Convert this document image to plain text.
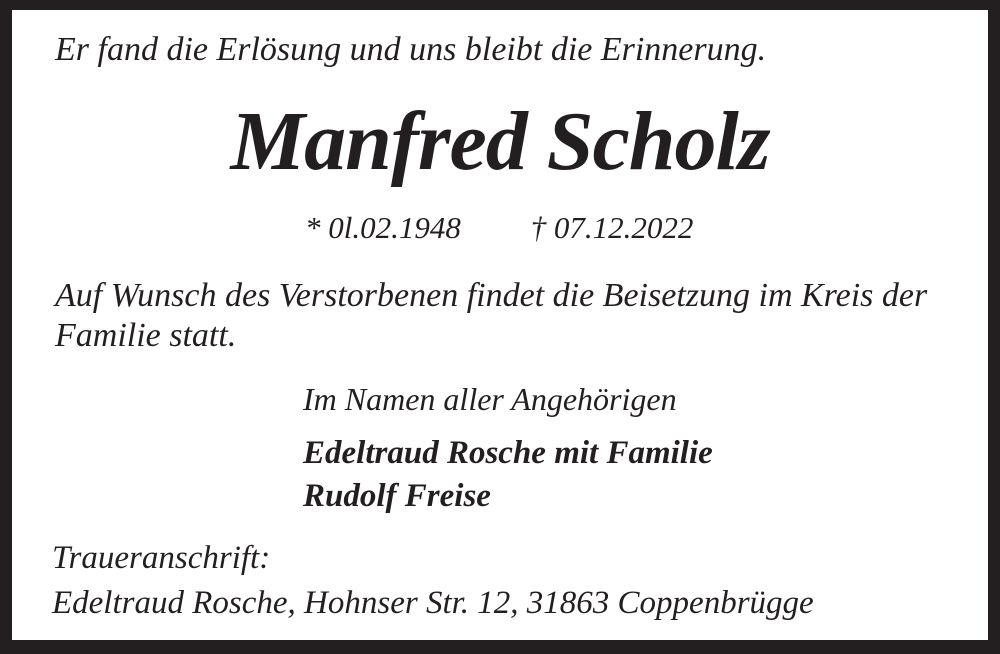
Er fand die Erlösung und uns bleibt die Erinnerung.
Manfred Scholz
* 0l.02.1948 † 07.12.2022
Auf Wunsch des Verstorbenen findet die Beisetzung im Kreis der
Familie statt.
Im Namen aller Angehörigen
Edeltraud Rosche mit Familie
Rudolf Freise
Traueranschrift:
Edeltraud Rosche, Hohnser Str. 12, 31863 Coppenbrügge
